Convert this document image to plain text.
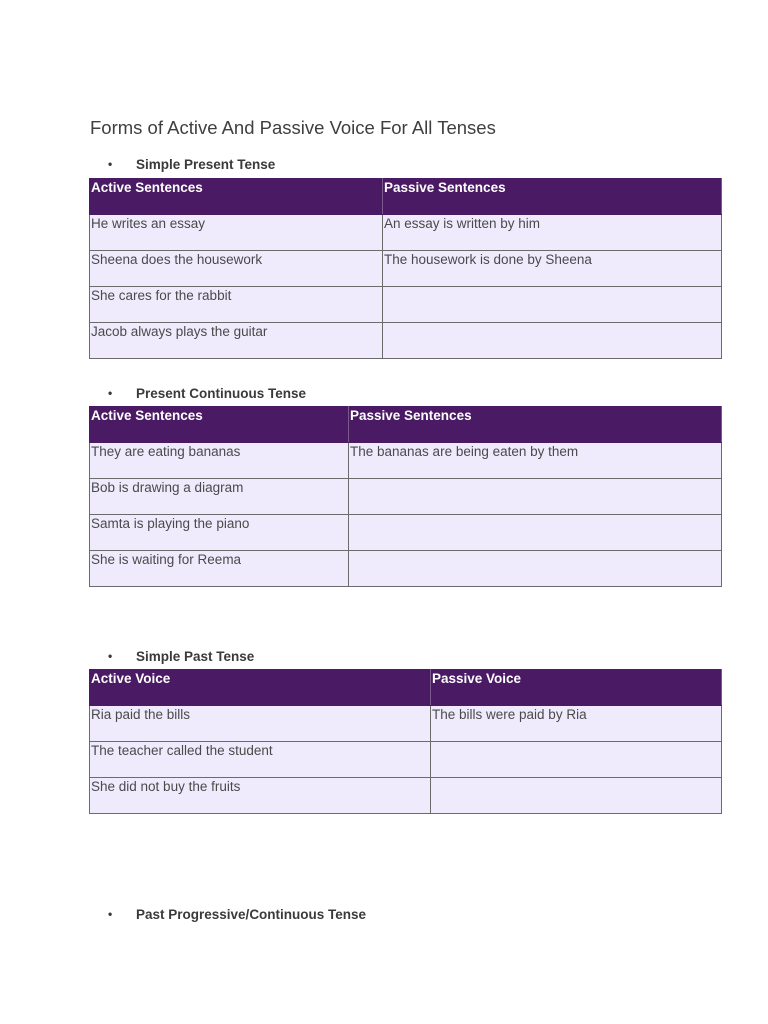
Forms of Active And Passive Voice For All Tenses
• Simple Present Tense
Active Sentences	Passive Sentences
He writes an essay	An essay is written by him
Sheena does the housework	The housework is done by Sheena
She cares for the rabbit	
Jacob always plays the guitar	
• Present Continuous Tense
Active Sentences	Passive Sentences
They are eating bananas	The bananas are being eaten by them
Bob is drawing a diagram	
Samta is playing the piano	
She is waiting for Reema	
• Simple Past Tense
Active Voice	Passive Voice
Ria paid the bills	The bills were paid by Ria
The teacher called the student	
She did not buy the fruits	
• Past Progressive/Continuous Tense
